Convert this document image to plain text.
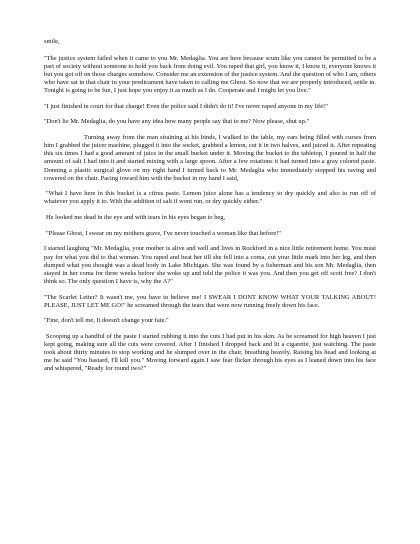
smile,

"The justice system failed when it came to you Mr. Medaglia. You are here because scum like you cannot be permitted to be a part of society without someone to hold you back from doing evil. You raped that girl, you know it, I know it, everyone knows it but you got off on those charges somehow. Consider me an extension of the justice system. And the question of who I am, others who have sat in that chair in your predicament have taken to calling me Ghost. So now that we are properly introduced, settle in. Tonight is going to be fun, I just hope you enjoy it as much as I do. Cooperate and I might let you live."

"I just finished in court for that charge! Even the police said I didn't do it! I've never raped anyone in my life!"

"Don't lie Mr. Medaglia, do you have any idea how many people say that to me? Now please, shut up."

Turning away from the man straining at his binds, I walked to the table, my ears being filled with curses from him I grabbed the juicer machine, plugged it into the socket, grabbed a lemon, cut it in two halves, and juiced it. After repeating this six times I had a good amount of juice in the small bucket under it. Moving the bucket to the tabletop, I poured in half the amount of salt I had into it and started mixing with a large spoon. After a few rotations it had turned into a gray colored paste. Donning a plastic surgical glove on my right hand I turned back to Mr. Medaglia who immediately stopped his raving and cowered on the chair. Pacing toward him with the bucket in my hand I said,

"What I have here in this bucket is a citrus paste. Lemon juice alone has a tendency to dry quickly and also to run off of whatever you apply it to. With the addition of salt if wont run, or dry quickly either."

He looked me dead in the eye and with tears in his eyes began to beg,

"Please Ghost, I swear on my mothers grave, I've never touched a woman like that before!"

I started laughing "Mr. Medaglia, your mother is alive and well and lives in Rockford in a nice little retirement home. You must pay for what you did to that woman. You raped and beat her till she fell into a coma, cut your little mark into her leg, and then dumped what you thought was a dead body in Lake Michigan. She was found by a fisherman and his son Mr. Medaglia, then stayed in her coma for three weeks before she woke up and told the police it was you. And then you get off scott free? I don't think so. The only question I have is, why the A?"

"The Scarlet Letter? It wasn't me, you have to believe me! I SWEAR I DONT KNOW WHAT YOUR TALKING ABOUT! PLEASE, JUST LET ME GO!" he screamed through the tears that were now running freely down his face.

"Fine, don't tell me, It doesn't change your fate."

Scooping up a handful of the paste I started rubbing it into the cuts I had put in his skin. As he screamed for high heaven I just kept going, making sure all the cuts were covered. After I finished I dropped back and lit a cigarette, just watching. The paste took about thirty minutes to stop working and he slumped over in the chair, breathing heavily. Raising his head and looking at me he said "You bastard, I'll kill you." Moving forward again I saw fear flicker through his eyes as I leaned down into his face and whispered, "Ready for round two?"
